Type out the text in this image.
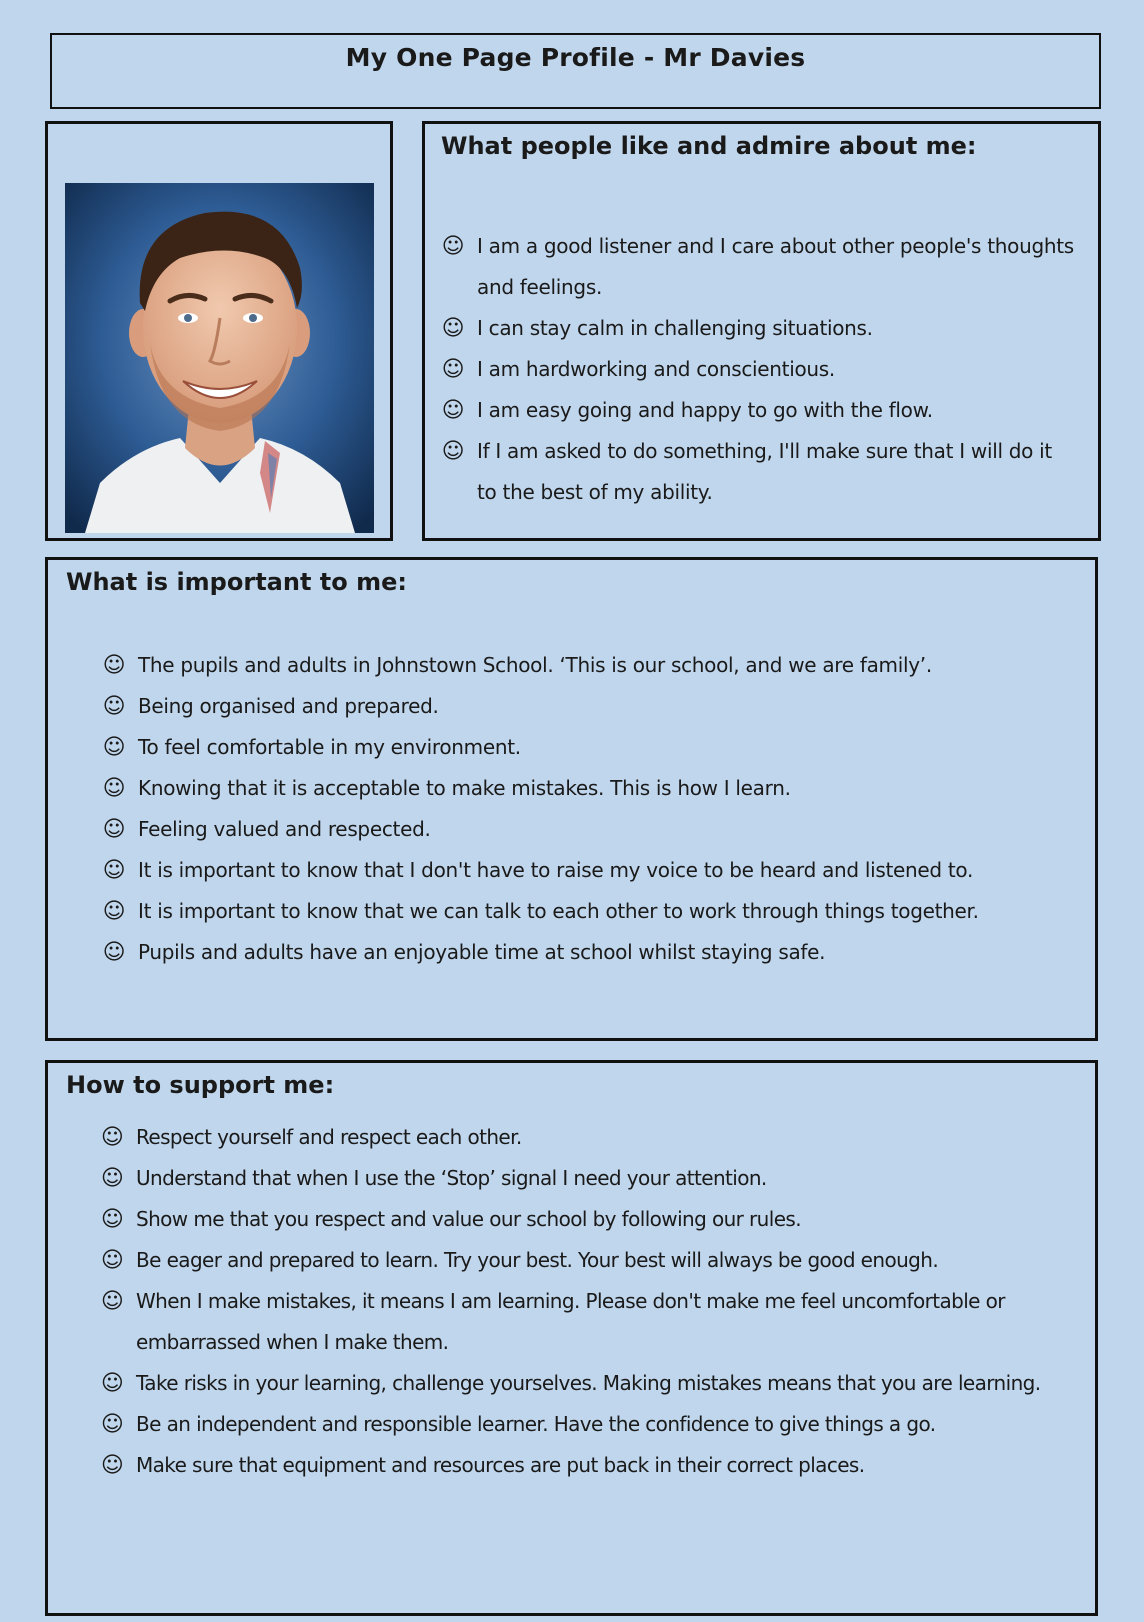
My One Page Profile - Mr Davies
What people like and admire about me:
☺ I am a good listener and I care about other people's thoughts and feelings.
☺ I can stay calm in challenging situations.
☺ I am hardworking and conscientious.
☺ I am easy going and happy to go with the flow.
☺ If I am asked to do something, I'll make sure that I will do it to the best of my ability.
What is important to me:
☺ The pupils and adults in Johnstown School. ‘This is our school, and we are family’.
☺ Being organised and prepared.
☺ To feel comfortable in my environment.
☺ Knowing that it is acceptable to make mistakes. This is how I learn.
☺ Feeling valued and respected.
☺ It is important to know that I don't have to raise my voice to be heard and listened to.
☺ It is important to know that we can talk to each other to work through things together.
☺ Pupils and adults have an enjoyable time at school whilst staying safe.
How to support me:
☺ Respect yourself and respect each other.
☺ Understand that when I use the ‘Stop’ signal I need your attention.
☺ Show me that you respect and value our school by following our rules.
☺ Be eager and prepared to learn. Try your best. Your best will always be good enough.
☺ When I make mistakes, it means I am learning. Please don't make me feel uncomfortable or embarrassed when I make them.
☺ Take risks in your learning, challenge yourselves. Making mistakes means that you are learning.
☺ Be an independent and responsible learner. Have the confidence to give things a go.
☺ Make sure that equipment and resources are put back in their correct places.
